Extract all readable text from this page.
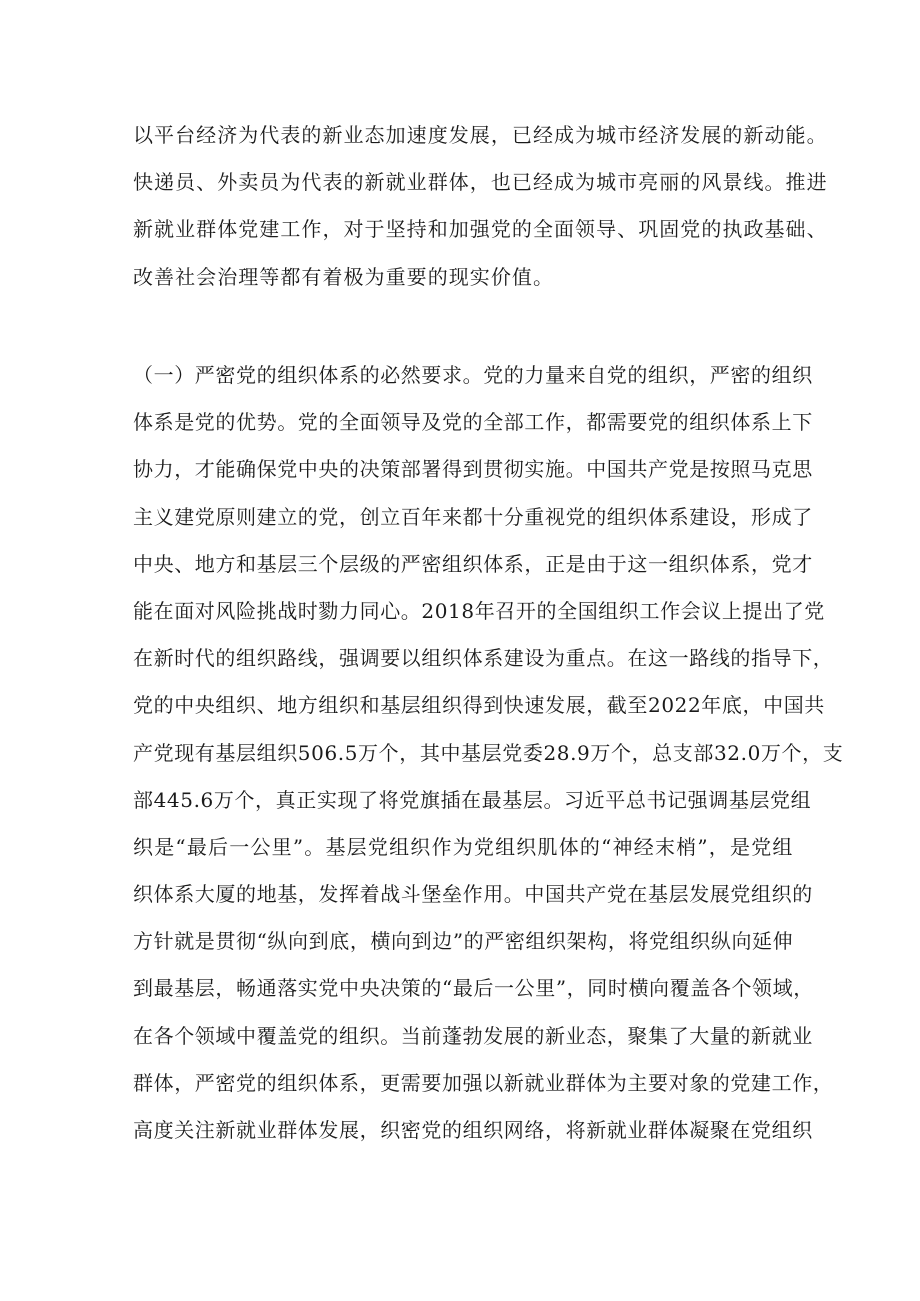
以平台经济为代表的新业态加速度发展，已经成为城市经济发展的新动能。
快递员、外卖员为代表的新就业群体，也已经成为城市亮丽的风景线。推进
新就业群体党建工作，对于坚持和加强党的全面领导、巩固党的执政基础、
改善社会治理等都有着极为重要的现实价值。
（一）严密党的组织体系的必然要求。党的力量来自党的组织，严密的组织
体系是党的优势。党的全面领导及党的全部工作，都需要党的组织体系上下
协力，才能确保党中央的决策部署得到贯彻实施。中国共产党是按照马克思
主义建党原则建立的党，创立百年来都十分重视党的组织体系建设，形成了
中央、地方和基层三个层级的严密组织体系，正是由于这一组织体系，党才
能在面对风险挑战时勠力同心。2018年召开的全国组织工作会议上提出了党
在新时代的组织路线，强调要以组织体系建设为重点。在这一路线的指导下，
党的中央组织、地方组织和基层组织得到快速发展，截至2022年底，中国共
产党现有基层组织506.5万个，其中基层党委28.9万个，总支部32.0万个，支
部445.6万个，真正实现了将党旗插在最基层。习近平总书记强调基层党组
织是“最后一公里”。基层党组织作为党组织肌体的“神经末梢”，是党组
织体系大厦的地基，发挥着战斗堡垒作用。中国共产党在基层发展党组织的
方针就是贯彻“纵向到底，横向到边”的严密组织架构，将党组织纵向延伸
到最基层，畅通落实党中央决策的“最后一公里”，同时横向覆盖各个领域，
在各个领域中覆盖党的组织。当前蓬勃发展的新业态，聚集了大量的新就业
群体，严密党的组织体系，更需要加强以新就业群体为主要对象的党建工作，
高度关注新就业群体发展，织密党的组织网络，将新就业群体凝聚在党组织
